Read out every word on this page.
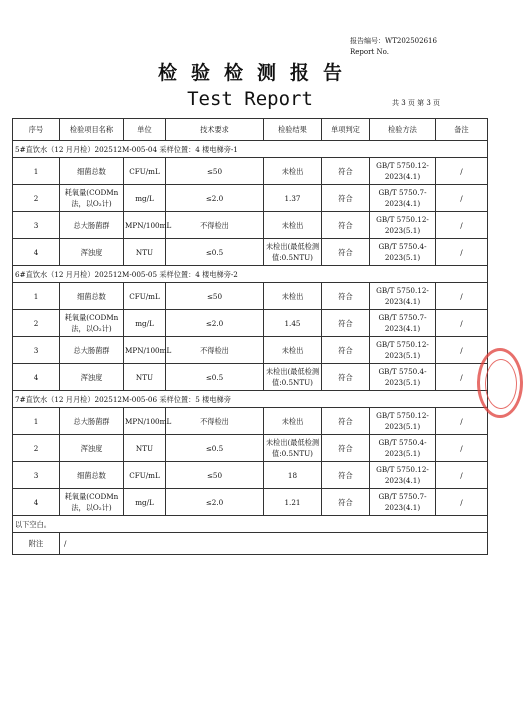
报告编号：WT202502616
Report No.
检验检测报告
Test Report	共 3 页 第 3 页
序号	检验项目名称	单位	技术要求	检验结果	单项判定	检验方法	备注
5#直饮水（12 月月检）202512M-005-04 采样位置：4 楼电梯旁-1							
1	细菌总数	CFU/mL	≤50	未检出	符合	GB/T 5750.12-2023(4.1)	/
2	耗氧量(CODMn法，以O₂计)	mg/L	≤2.0	1.37	符合	GB/T 5750.7-2023(4.1)	/
3	总大肠菌群	MPN/100mL	不得检出	未检出	符合	GB/T 5750.12-2023(5.1)	/
4	浑浊度	NTU	≤0.5	未检出(最低检测值:0.5NTU)	符合	GB/T 5750.4-2023(5.1)	/
6#直饮水（12 月月检）202512M-005-05 采样位置：4 楼电梯旁-2							
1	细菌总数	CFU/mL	≤50	未检出	符合	GB/T 5750.12-2023(4.1)	/
2	耗氧量(CODMn法，以O₂计)	mg/L	≤2.0	1.45	符合	GB/T 5750.7-2023(4.1)	/
3	总大肠菌群	MPN/100mL	不得检出	未检出	符合	GB/T 5750.12-2023(5.1)	/
4	浑浊度	NTU	≤0.5	未检出(最低检测值:0.5NTU)	符合	GB/T 5750.4-2023(5.1)	/
7#直饮水（12 月月检）202512M-005-06 采样位置：5 楼电梯旁							
1	总大肠菌群	MPN/100mL	不得检出	未检出	符合	GB/T 5750.12-2023(5.1)	/
2	浑浊度	NTU	≤0.5	未检出(最低检测值:0.5NTU)	符合	GB/T 5750.4-2023(5.1)	/
3	细菌总数	CFU/mL	≤50	18	符合	GB/T 5750.12-2023(4.1)	/
4	耗氧量(CODMn法，以O₂计)	mg/L	≤2.0	1.21	符合	GB/T 5750.7-2023(4.1)	/
以下空白。							
附注	/						
